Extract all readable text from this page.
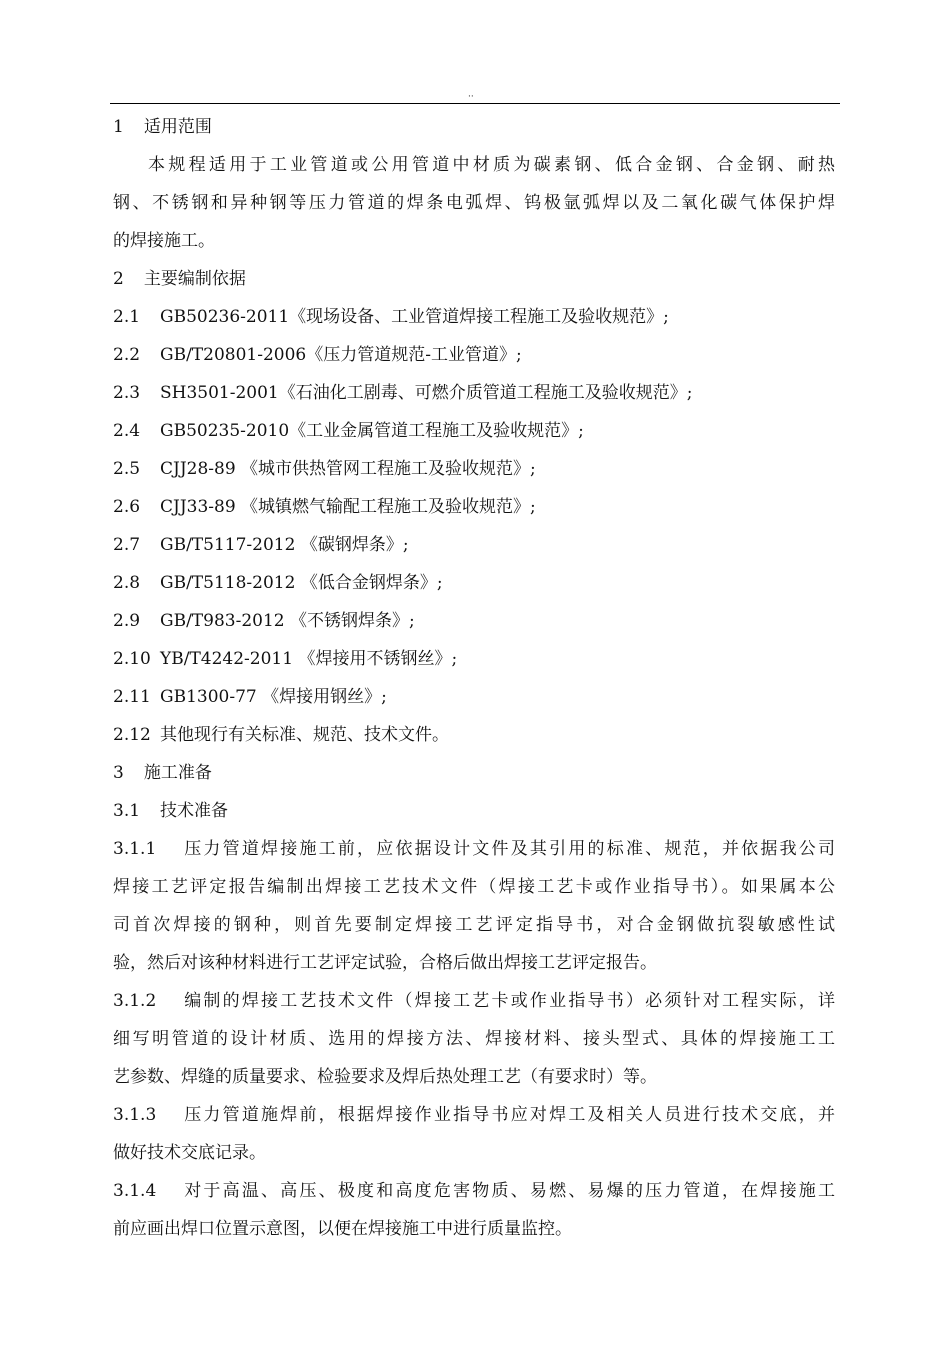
··
1 适用范围
本规程适用于工业管道或公用管道中材质为碳素钢、低合金钢、合金钢、耐热
钢、不锈钢和异种钢等压力管道的焊条电弧焊、钨极氩弧焊以及二氧化碳气体保护焊
的焊接施工。
2 主要编制依据
2.1 GB50236-2011《现场设备、工业管道焊接工程施工及验收规范》;
2.2 GB/T20801-2006《压力管道规范-工业管道》;
2.3 SH3501-2001《石油化工剧毒、可燃介质管道工程施工及验收规范》;
2.4 GB50235-2010《工业金属管道工程施工及验收规范》;
2.5 CJJ28-89 《城市供热管网工程施工及验收规范》;
2.6 CJJ33-89 《城镇燃气输配工程施工及验收规范》;
2.7 GB/T5117-2012 《碳钢焊条》;
2.8 GB/T5118-2012 《低合金钢焊条》;
2.9 GB/T983-2012 《不锈钢焊条》;
2.10 YB/T4242-2011 《焊接用不锈钢丝》;
2.11 GB1300-77 《焊接用钢丝》;
2.12 其他现行有关标准、规范、技术文件。
3 施工准备
3.1 技术准备
3.1.1 压力管道焊接施工前，应依据设计文件及其引用的标准、规范，并依据我公司
焊接工艺评定报告编制出焊接工艺技术文件（焊接工艺卡或作业指导书）。如果属本公
司首次焊接的钢种，则首先要制定焊接工艺评定指导书，对合金钢做抗裂敏感性试
验，然后对该种材料进行工艺评定试验，合格后做出焊接工艺评定报告。
3.1.2 编制的焊接工艺技术文件（焊接工艺卡或作业指导书）必须针对工程实际，详
细写明管道的设计材质、选用的焊接方法、焊接材料、接头型式、具体的焊接施工工
艺参数、焊缝的质量要求、检验要求及焊后热处理工艺（有要求时）等。
3.1.3 压力管道施焊前，根据焊接作业指导书应对焊工及相关人员进行技术交底，并
做好技术交底记录。
3.1.4 对于高温、高压、极度和高度危害物质、易燃、易爆的压力管道，在焊接施工
前应画出焊口位置示意图，以便在焊接施工中进行质量监控。
